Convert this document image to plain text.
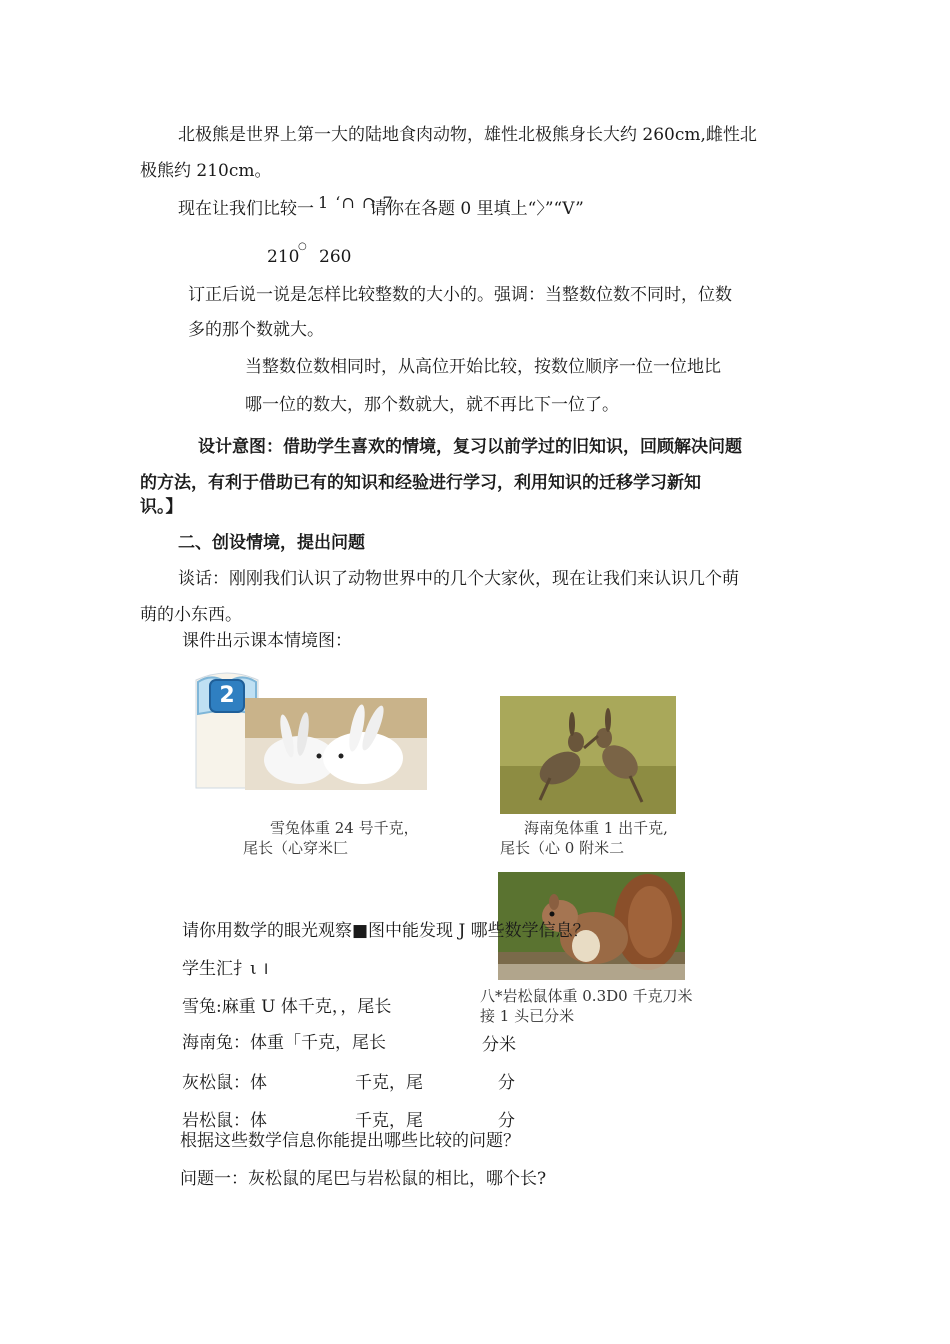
北极熊是世界上第一大的陆地食肉动物，雄性北极熊身长大约 260cm,雌性北
极熊约 210cm。
现在让我们比较一 1 ʻ∩ ∩ 7
请你在各题 0 里填上“〉”“V”
210
○
260
订正后说一说是怎样比较整数的大小的。强调：当整数位数不同时，位数
多的那个数就大。
当整数位数相同时，从高位开始比较，按数位顺序一位一位地比
哪一位的数大，那个数就大，就不再比下一位了。
设计意图：借助学生喜欢的情境，复习以前学过的旧知识，回顾解决问题
的方法，有利于借助已有的知识和经验进行学习，利用知识的迁移学习新知
识。】
二、创设情境，提出问题
谈话：刚刚我们认识了动物世界中的几个大家伙，现在让我们来认识几个萌
萌的小东西。
课件出示课本情境图：
2
雪兔体重 24 号千克，
尾长（心穿米匚
海南兔体重 1 出千克,
尾长（心 0 附米二
八*岩松鼠体重 0.3D0 千克刀米
接 1 头已分米
请你用数学的眼光观察■图中能发现 J 哪些数学信息？
学生汇扌ι ।
雪兔:麻重 U 体千克，，尾长
海南兔：体重「千克，尾长	分米
灰松鼠：体	千克，尾	分
岩松鼠：体	千克，尾	分
根据这些数学信息你能提出哪些比较的问题？
问题一：灰松鼠的尾巴与岩松鼠的相比，哪个长?
